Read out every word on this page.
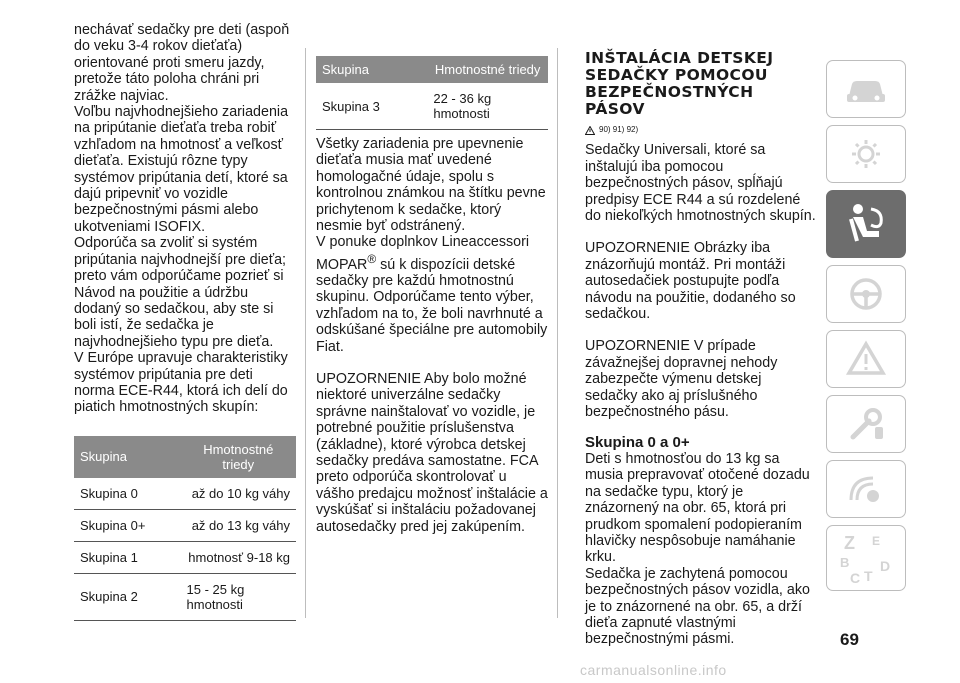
nechávať sedačky pre deti (aspoň do veku 3-4 rokov dieťaťa) orientované proti smeru jazdy, pretože táto poloha chráni pri zrážke najviac.

Voľbu najvhodnejšieho zariadenia na pripútanie dieťaťa treba robiť vzhľadom na hmotnosť a veľkosť dieťaťa. Existujú rôzne typy systémov pripútania detí, ktoré sa dajú pripevniť vo vozidle bezpečnostnými pásmi alebo ukotveniami ISOFIX.

Odporúča sa zvoliť si systém pripútania najvhodnejší pre dieťa; preto vám odporúčame pozrieť si Návod na použitie a údržbu dodaný so sedačkou, aby ste si boli istí, že sedačka je najvhodnejšieho typu pre dieťa.

V Európe upravuje charakteristiky systémov pripútania pre deti norma ECE-R44, ktorá ich delí do piatich hmotnostných skupín:

Skupina	Hmotnostné triedy
Skupina 0	až do 10 kg váhy
Skupina 0+	až do 13 kg váhy
Skupina 1	hmotnosť 9-18 kg
Skupina 2	15 - 25 kg hmotnosti
Skupina	Hmotnostné triedy
Skupina 3	22 - 36 kg hmotnosti

Všetky zariadenia pre upevnenie dieťaťa musia mať uvedené homologačné údaje, spolu s kontrolnou známkou na štítku pevne prichytenom k sedačke, ktorý nesmie byť odstránený.

V ponuke doplnkov Lineaccessori MOPAR® sú k dispozícii detské sedačky pre každú hmotnostnú skupinu. Odporúčame tento výber, vzhľadom na to, že boli navrhnuté a odskúšané špeciálne pre automobily Fiat.

UPOZORNENIE Aby bolo možné niektoré univerzálne sedačky správne nainštalovať vo vozidle, je potrebné použitie príslušenstva (základne), ktoré výrobca detskej sedačky predáva samostatne. FCA preto odporúča skontrolovať u vášho predajcu možnosť inštalácie a vyskúšať si inštaláciu požadovanej autosedačky pred jej zakúpením.

INŠTALÁCIA DETSKEJ SEDAČKY POMOCOU BEZPEČNOSTNÝCH PÁSOV
90) 91) 92)

Sedačky Universali, ktoré sa inštalujú iba pomocou bezpečnostných pásov, spĺňajú predpisy ECE R44 a sú rozdelené do niekoľkých hmotnostných skupín.

UPOZORNENIE Obrázky iba znázorňujú montáž. Pri montáži autosedačiek postupujte podľa návodu na použitie, dodaného so sedačkou.

UPOZORNENIE V prípade závažnejšej dopravnej nehody zabezpečte výmenu detskej sedačky ako aj príslušného bezpečnostného pásu.

Skupina 0 a 0+

Deti s hmotnosťou do 13 kg sa musia prepravovať otočené dozadu na sedačke typu, ktorý je znázornený na obr. 65, ktorá pri prudkom spomalení podopieraním hlavičky nespôsobuje namáhanie krku.

Sedačka je zachytená pomocou bezpečnostných pásov vozidla, ako je to znázornené na obr. 65, a drží dieťa zapnuté vlastnými bezpečnostnými pásmi.

Z E
B
C T
D
69
carmanualsonline.info
